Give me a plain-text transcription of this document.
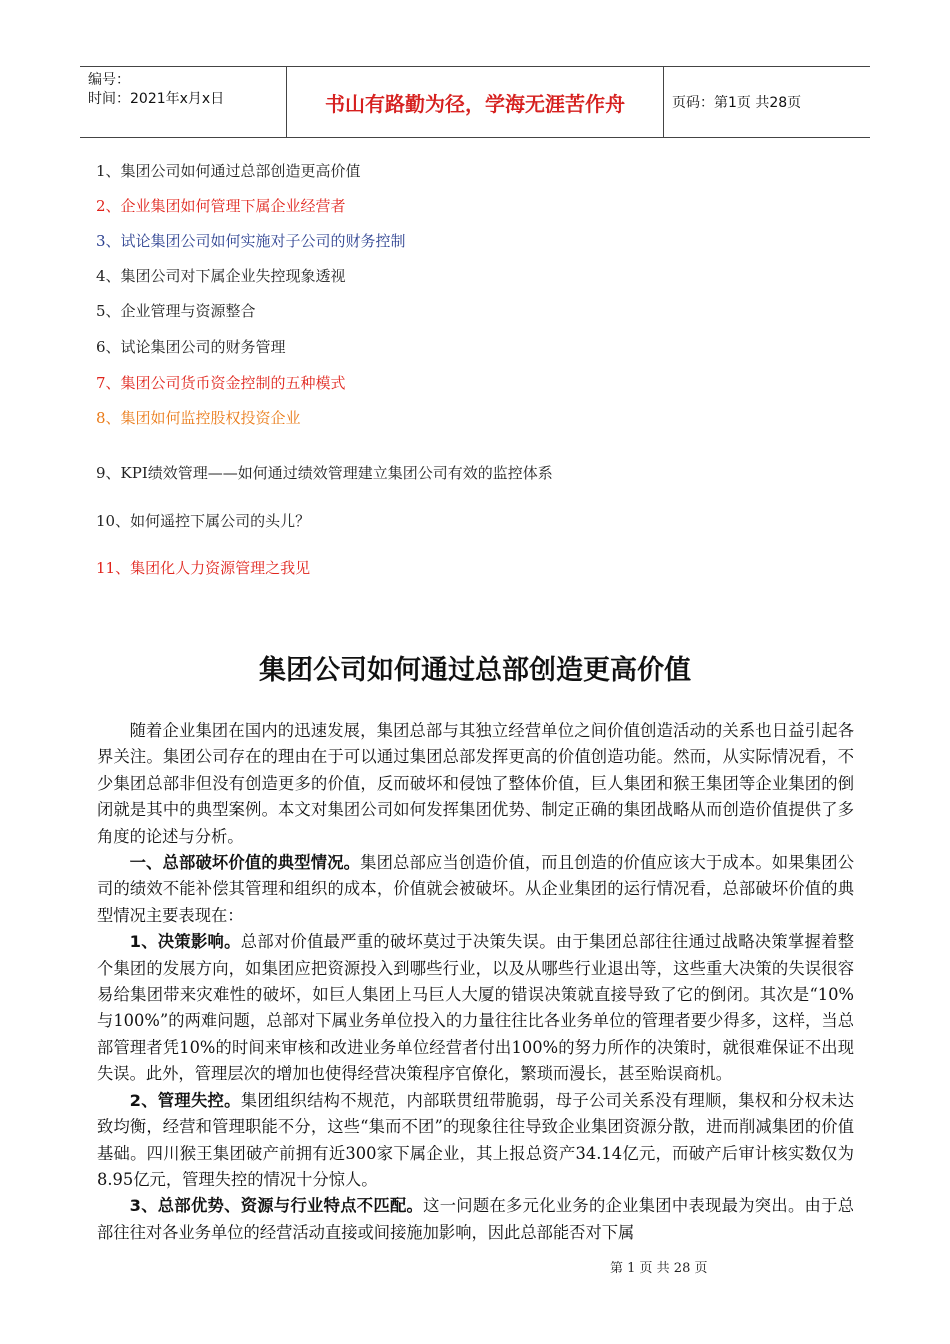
编号：
时间：2021年x月x日	书山有路勤为径，学海无涯苦作舟	页码：第1页 共28页
1、集团公司如何通过总部创造更高价值
2、企业集团如何管理下属企业经营者
3、试论集团公司如何实施对子公司的财务控制
4、集团公司对下属企业失控现象透视
5、企业管理与资源整合
6、试论集团公司的财务管理
7、集团公司货币资金控制的五种模式
8、集团如何监控股权投资企业
9、KPI绩效管理——如何通过绩效管理建立集团公司有效的监控体系
10、如何遥控下属公司的头儿？
11、集团化人力资源管理之我见
集团公司如何通过总部创造更高价值

随着企业集团在国内的迅速发展，集团总部与其独立经营单位之间价值创造活动的关系也日益引起各界关注。集团公司存在的理由在于可以通过集团总部发挥更高的价值创造功能。然而，从实际情况看，不少集团总部非但没有创造更多的价值，反而破坏和侵蚀了整体价值，巨人集团和猴王集团等企业集团的倒闭就是其中的典型案例。本文对集团公司如何发挥集团优势、制定正确的集团战略从而创造价值提供了多角度的论述与分析。

一、总部破坏价值的典型情况。集团总部应当创造价值，而且创造的价值应该大于成本。如果集团公司的绩效不能补偿其管理和组织的成本，价值就会被破坏。从企业集团的运行情况看，总部破坏价值的典型情况主要表现在：

1、决策影响。总部对价值最严重的破坏莫过于决策失误。由于集团总部往往通过战略决策掌握着整个集团的发展方向，如集团应把资源投入到哪些行业，以及从哪些行业退出等，这些重大决策的失误很容易给集团带来灾难性的破坏，如巨人集团上马巨人大厦的错误决策就直接导致了它的倒闭。其次是“10%与100%”的两难问题，总部对下属业务单位投入的力量往往比各业务单位的管理者要少得多，这样，当总部管理者凭10%的时间来审核和改进业务单位经营者付出100%的努力所作的决策时，就很难保证不出现失误。此外，管理层次的增加也使得经营决策程序官僚化，繁琐而漫长，甚至贻误商机。

2、管理失控。集团组织结构不规范，内部联贯纽带脆弱，母子公司关系没有理顺，集权和分权未达致均衡，经营和管理职能不分，这些“集而不团”的现象往往导致企业集团资源分散，进而削减集团的价值基础。四川猴王集团破产前拥有近300家下属企业，其上报总资产34.14亿元，而破产后审计核实数仅为8.95亿元，管理失控的情况十分惊人。

3、总部优势、资源与行业特点不匹配。这一问题在多元化业务的企业集团中表现最为突出。由于总部往往对各业务单位的经营活动直接或间接施加影响，因此总部能否对下属

第 1 页 共 28 页
